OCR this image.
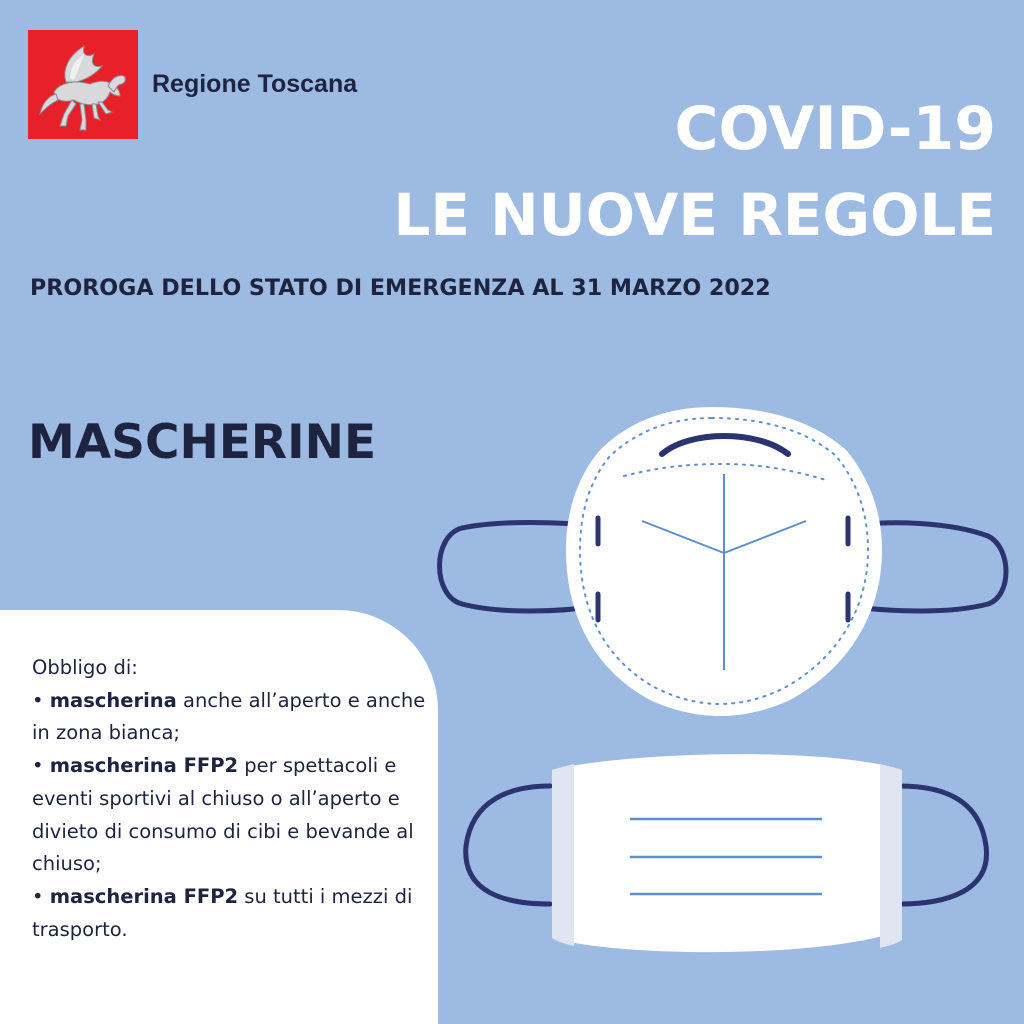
Regione Toscana
COVID-19
LE NUOVE REGOLE
PROROGA DELLO STATO DI EMERGENZA AL 31 MARZO 2022
MASCHERINE

Obbligo di:

• mascherina anche all’aperto e anche in zona bianca;

• mascherina FFP2 per spettacoli e eventi sportivi al chiuso o all’aperto e divieto di consumo di cibi e bevande al chiuso;

• mascherina FFP2 su tutti i mezzi di trasporto.
